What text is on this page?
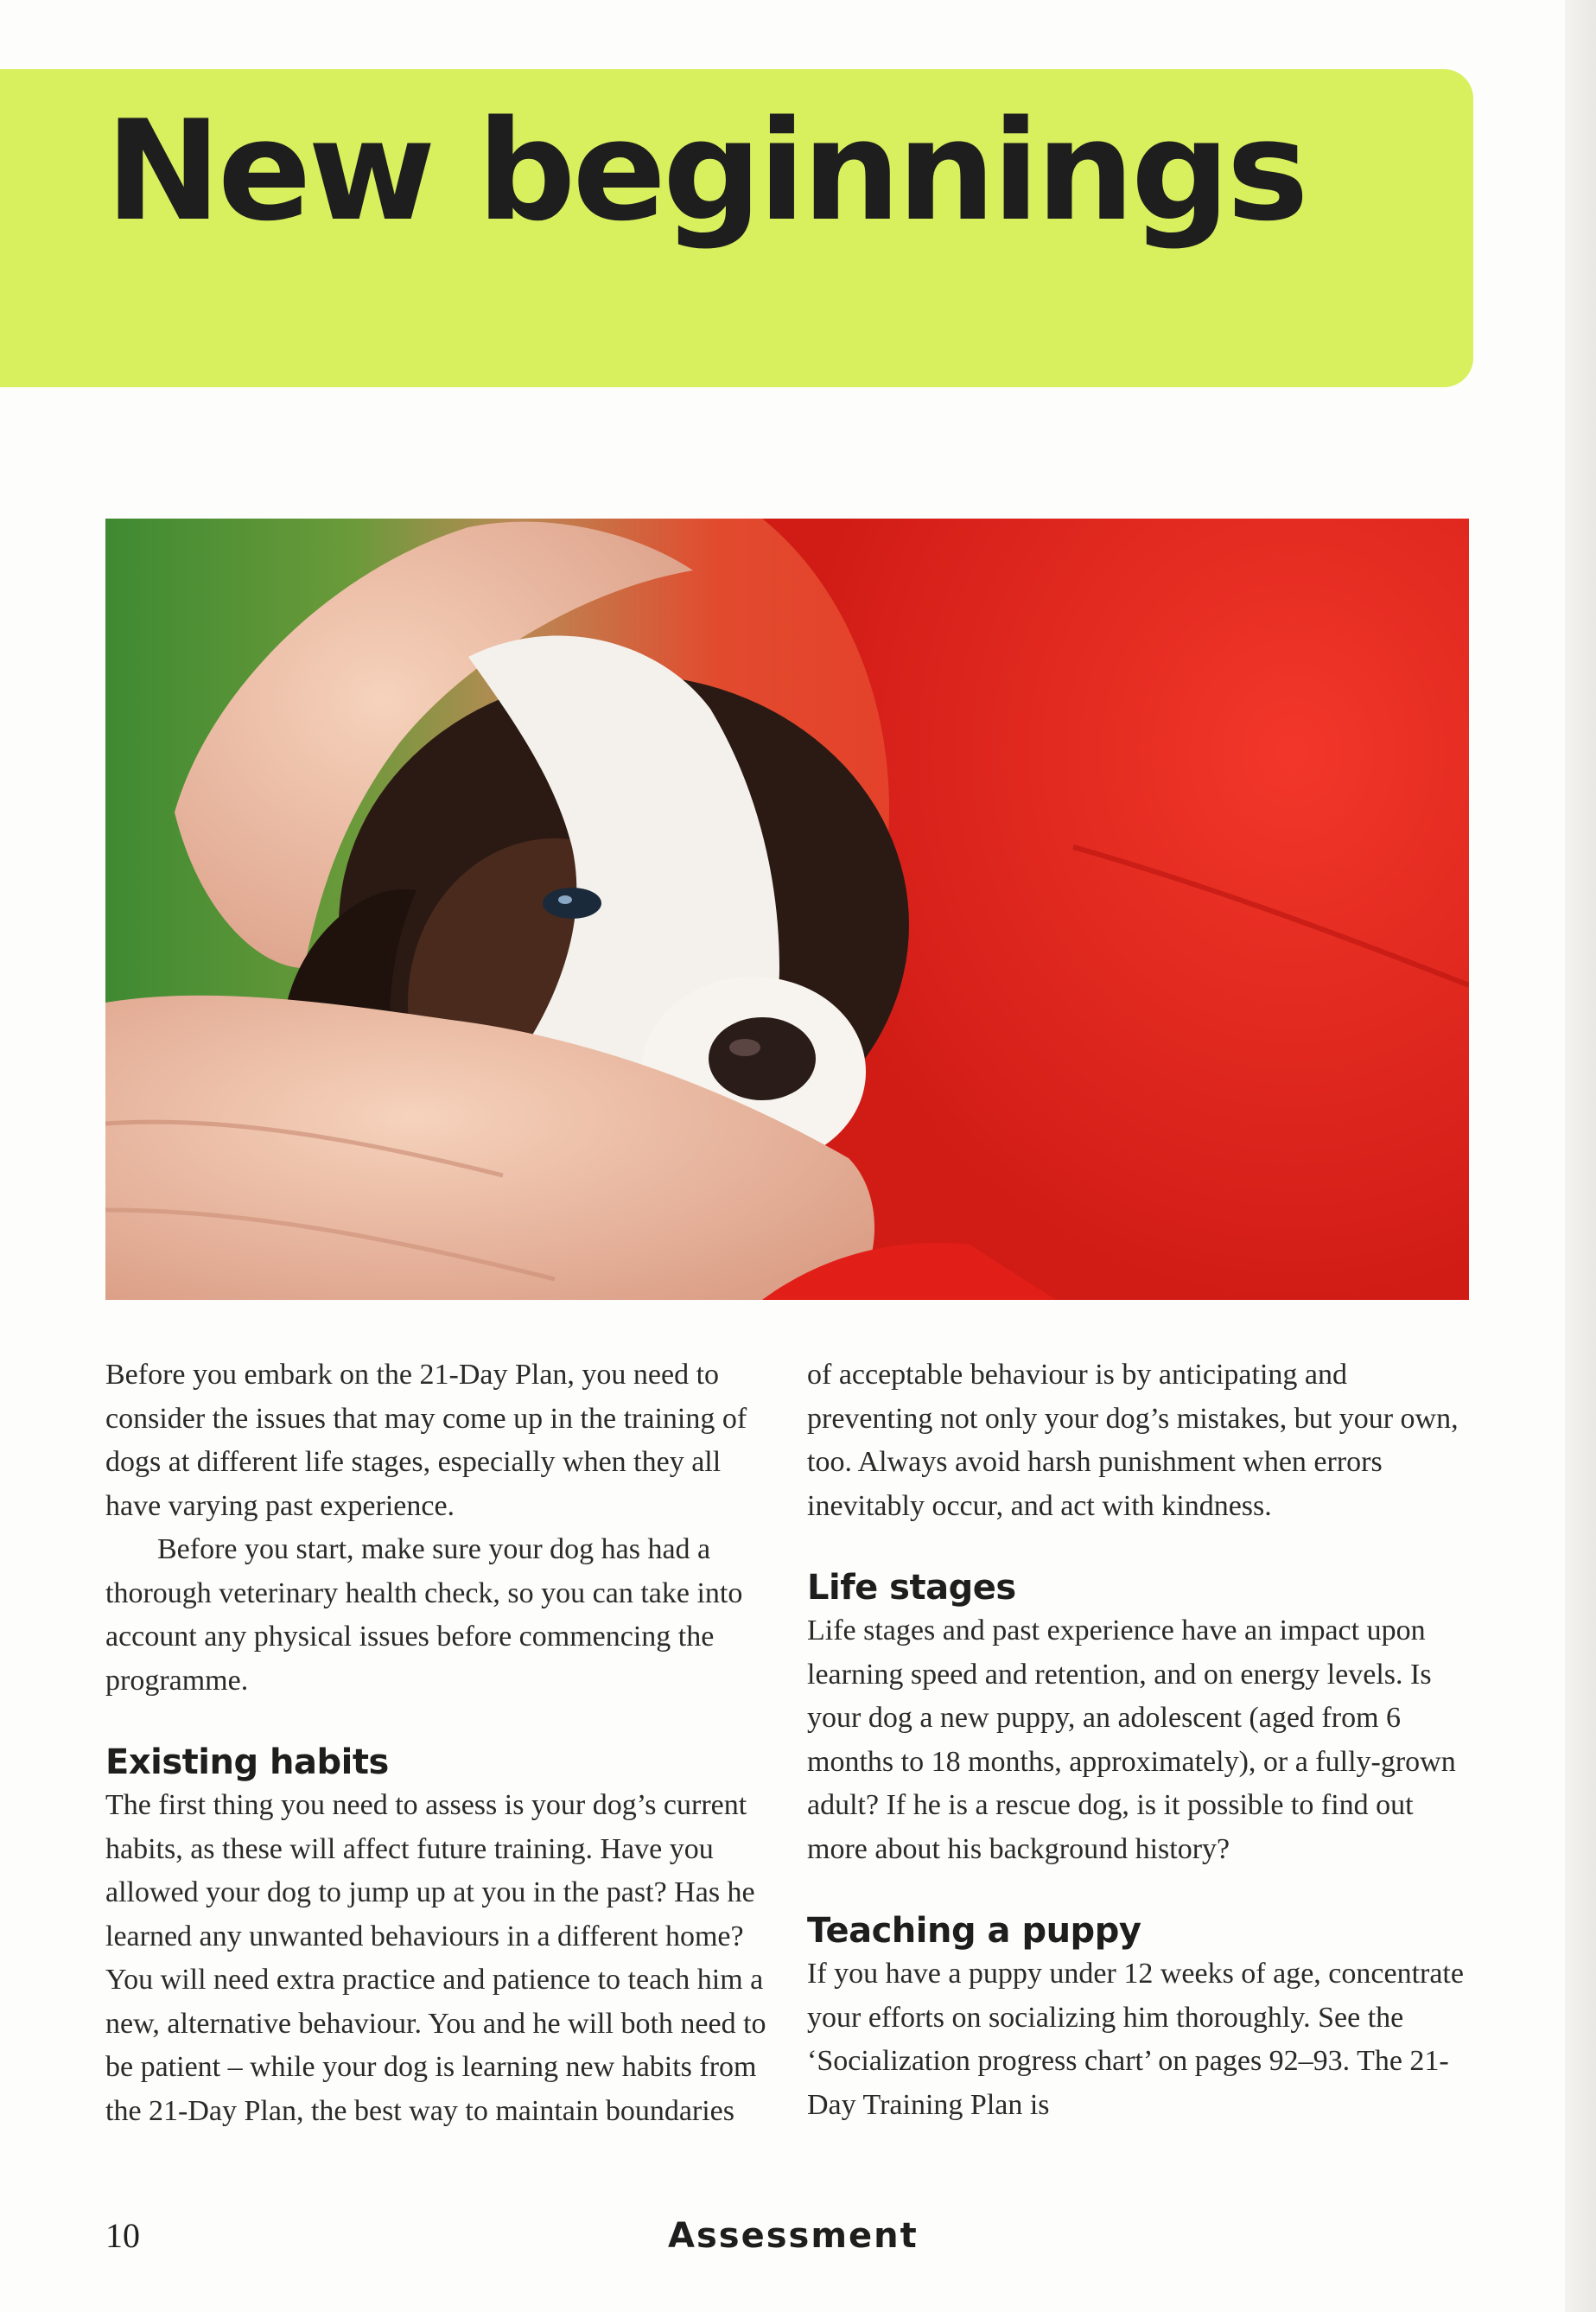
New beginnings

Before you embark on the 21-Day Plan, you need to consider the issues that may come up in the training of dogs at different life stages, especially when they all have varying past experience.

Before you start, make sure your dog has had a thorough veterinary health check, so you can take into account any physical issues before commencing the programme.

Existing habits

The first thing you need to assess is your dog’s current habits, as these will affect future training. Have you allowed your dog to jump up at you in the past? Has he learned any unwanted behaviours in a different home? You will need extra practice and patience to teach him a new, alternative behaviour. You and he will both need to be patient – while your dog is learning new habits from the 21-Day Plan, the best way to maintain boundaries

of acceptable behaviour is by anticipating and preventing not only your dog’s mistakes, but your own, too. Always avoid harsh punishment when errors inevitably occur, and act with kindness.

Life stages

Life stages and past experience have an impact upon learning speed and retention, and on energy levels. Is your dog a new puppy, an adolescent (aged from 6 months to 18 months, approximately), or a fully-grown adult? If he is a rescue dog, is it possible to find out more about his background history?

Teaching a puppy

If you have a puppy under 12 weeks of age, concentrate your efforts on socializing him thoroughly. See the ‘Socialization progress chart’ on pages 92–93. The 21-Day Training Plan is

10	Assessment
